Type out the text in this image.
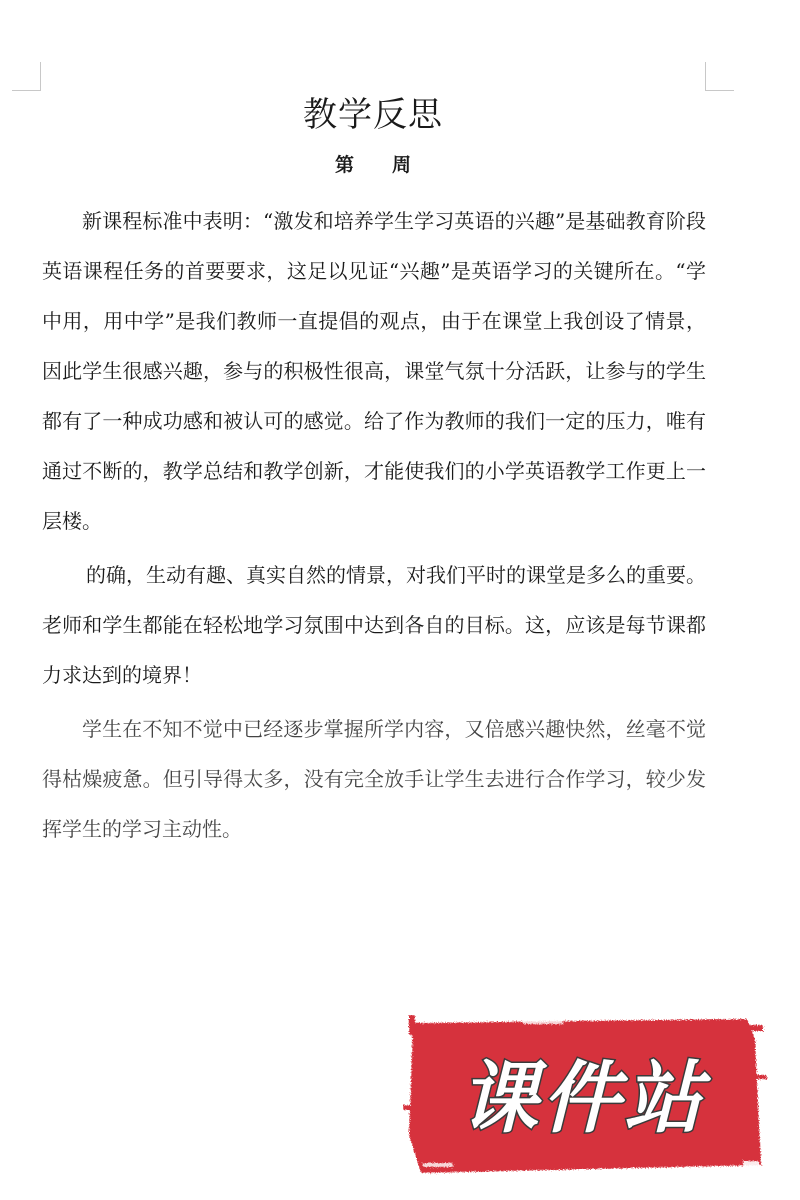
教学反思
第 周

新课程标准中表明：“激发和培养学生学习英语的兴趣”是基础教育阶段英语课程任务的首要要求，这足以见证“兴趣”是英语学习的关键所在。“学中用，用中学”是我们教师一直提倡的观点，由于在课堂上我创设了情景，因此学生很感兴趣，参与的积极性很高，课堂气氛十分活跃，让参与的学生都有了一种成功感和被认可的感觉。给了作为教师的我们一定的压力，唯有通过不断的，教学总结和教学创新，才能使我们的小学英语教学工作更上一层楼。

的确，生动有趣、真实自然的情景，对我们平时的课堂是多么的重要。老师和学生都能在轻松地学习氛围中达到各自的目标。这，应该是每节课都力求达到的境界！

学生在不知不觉中已经逐步掌握所学内容，又倍感兴趣快然，丝毫不觉得枯燥疲惫。但引导得太多，没有完全放手让学生去进行合作学习，较少发挥学生的学习主动性。

课件站
